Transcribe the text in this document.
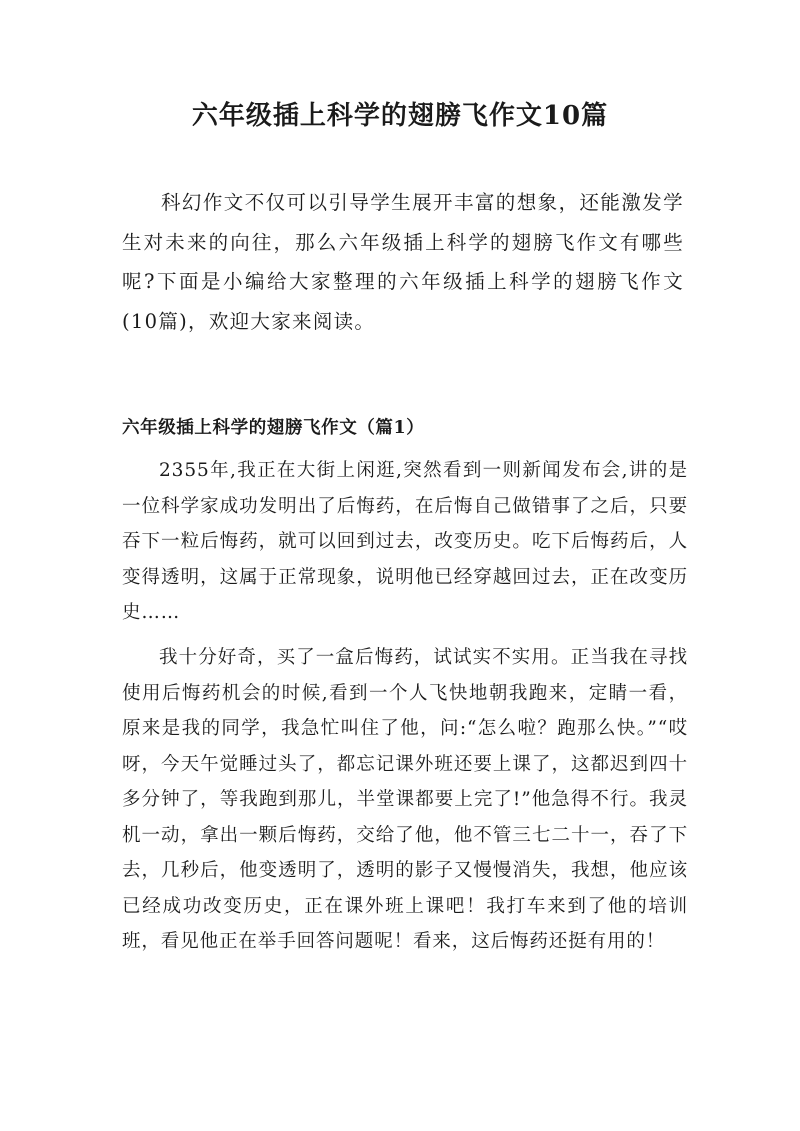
六年级插上科学的翅膀飞作文10篇

科幻作文不仅可以引导学生展开丰富的想象，还能激发学生对未来的向往，那么六年级插上科学的翅膀飞作文有哪些呢?下面是小编给大家整理的六年级插上科学的翅膀飞作文(10篇)，欢迎大家来阅读。

六年级插上科学的翅膀飞作文（篇1）

2355年,我正在大街上闲逛,突然看到一则新闻发布会,讲的是一位科学家成功发明出了后悔药，在后悔自己做错事了之后，只要吞下一粒后悔药，就可以回到过去，改变历史。吃下后悔药后，人变得透明，这属于正常现象，说明他已经穿越回过去，正在改变历史……

我十分好奇，买了一盒后悔药，试试实不实用。正当我在寻找使用后悔药机会的时候,看到一个人飞快地朝我跑来，定睛一看，原来是我的同学，我急忙叫住了他，问:“怎么啦？跑那么快。”“哎呀，今天午觉睡过头了，都忘记课外班还要上课了，这都迟到四十多分钟了，等我跑到那儿，半堂课都要上完了!”他急得不行。我灵机一动，拿出一颗后悔药，交给了他，他不管三七二十一，吞了下去，几秒后，他变透明了，透明的影子又慢慢消失，我想，他应该已经成功改变历史，正在课外班上课吧！我打车来到了他的培训班，看见他正在举手回答问题呢！看来，这后悔药还挺有用的！
